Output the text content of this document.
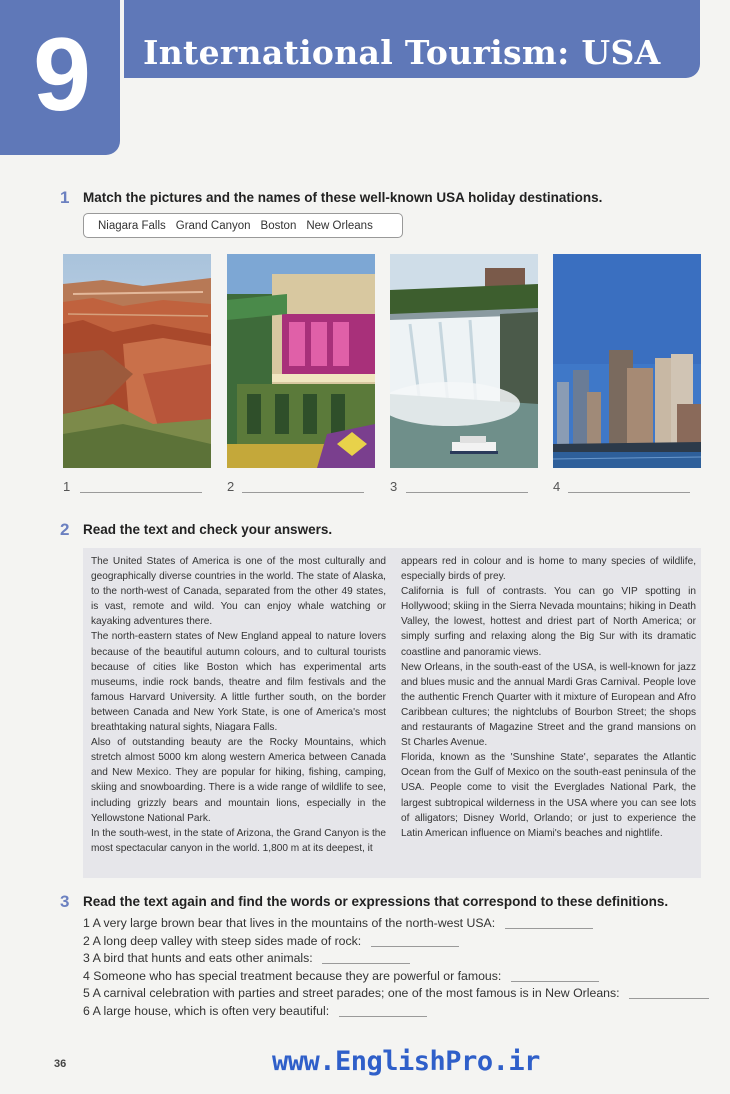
9	International Tourism: USA
1 Match the pictures and the names of these well-known USA holiday destinations.
Niagara Falls Grand Canyon Boston New Orleans
1	2	3	4
2 Read the text and check your answers.

The United States of America is one of the most culturally and geographically diverse countries in the world. The state of Alaska, to the north-west of Canada, separated from the other 49 states, is vast, remote and wild. You can enjoy whale watching or kayaking adventures there.

The north-eastern states of New England appeal to nature lovers because of the beautiful autumn colours, and to cultural tourists because of cities like Boston which has experimental arts museums, indie rock bands, theatre and film festivals and the famous Harvard University. A little further south, on the border between Canada and New York State, is one of America's most breathtaking natural sights, Niagara Falls.

Also of outstanding beauty are the Rocky Mountains, which stretch almost 5000 km along western America between Canada and New Mexico. They are popular for hiking, fishing, camping, skiing and snowboarding. There is a wide range of wildlife to see, including grizzly bears and mountain lions, especially in the Yellowstone National Park.

In the south-west, in the state of Arizona, the Grand Canyon is the most spectacular canyon in the world. 1,800 m at its deepest, it

appears red in colour and is home to many species of wildlife, especially birds of prey.

California is full of contrasts. You can go VIP spotting in Hollywood; skiing in the Sierra Nevada mountains; hiking in Death Valley, the lowest, hottest and driest part of North America; or simply surfing and relaxing along the Big Sur with its dramatic coastline and panoramic views.

New Orleans, in the south-east of the USA, is well-known for jazz and blues music and the annual Mardi Gras Carnival. People love the authentic French Quarter with it mixture of European and Afro Caribbean cultures; the nightclubs of Bourbon Street; the shops and restaurants of Magazine Street and the grand mansions on St Charles Avenue.

Florida, known as the 'Sunshine State', separates the Atlantic Ocean from the Gulf of Mexico on the south-east peninsula of the USA. People come to visit the Everglades National Park, the largest subtropical wilderness in the USA where you can see lots of alligators; Disney World, Orlando; or just to experience the Latin American influence on Miami's beaches and nightlife.

3 Read the text again and find the words or expressions that correspond to these definitions.
1 A very large brown bear that lives in the mountains of the north-west USA:
2 A long deep valley with steep sides made of rock:
3 A bird that hunts and eats other animals:
4 Someone who has special treatment because they are powerful or famous:
5 A carnival celebration with parties and street parades; one of the most famous is in New Orleans:
6 A large house, which is often very beautiful:
36	www.EnglishPro.ir
